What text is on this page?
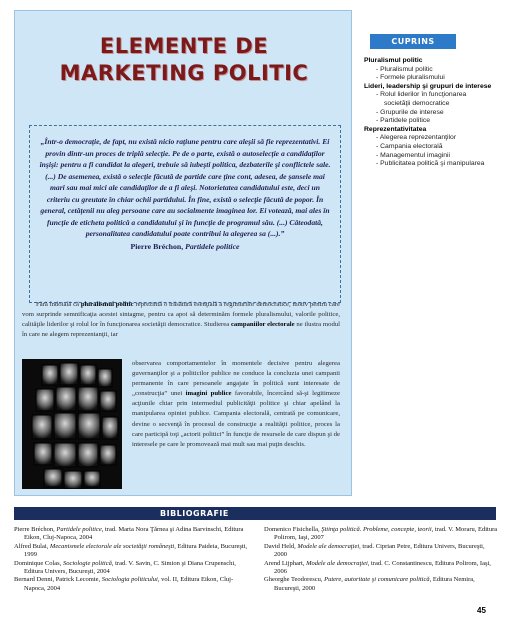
ELEMENTE DE
MARKETING POLITIC
„Într-o democraţie, de fapt, nu există nicio raţiune pentru care aleşii să fie reprezentativi. Ei provin dintr-un proces de triplă selecţie. Pe de o parte, există o autoselecţie a candidaţilor înşişi: pentru a fi candidat la alegeri, trebuie să iubeşti politica, dezbaterile şi conflictele sale. (...) De asemenea, există o selecţie făcută de partide care ţine cont, adesea, de şansele mai mari sau mai mici ale candidaţilor de a fi aleşi. Notorietatea candidatului este, deci un criteriu cu greutate în chiar ochii partidului. În fine, există o selecţie făcută de popor. În general, cetăţenii nu aleg persoane care au socialmente imaginea lor. Ei votează, mai ales în funcţie de eticheta politică a candidatului şi în funcţie de programul său. (...) Câteodată, personalitatea candidatului poate contribui la alegerea sa (...).”
Pierre Bréchon, Partidele politice

Fără îndoială că pluralismul politic reprezintă o trăsătură esenţială a regimurilor democratice, motiv pentru care vom surprinde semnificaţia acestei sintagme, pentru ca apoi să determinăm formele pluralismului, valorile politice, calităţile liderilor şi rolul lor în funcţionarea societăţii democratice. Studierea campaniilor electorale ne ilustra modul în care ne alegem reprezentanţii, iar

observarea comportamentelor în momentele decisive pentru alegerea guvernanţilor şi a politicilor publice ne conduce la concluzia unei campanii permanente în care persoanele angajate în politică sunt interesate de „construcţia” unei imagini publice favorabile, încercând să-şi legitimeze acţiunile chiar prin intermediul publicităţii politice şi chiar apelând la manipularea opiniei publice. Campania electorală, centrată pe comunicare, devine o secvenţă în procesul de construcţie a realităţii politice, proces la care participă toţi „actorii politici” în funcţie de resursele de care dispun şi de interesele pe care le promovează mai mult sau mai puţin deschis.
CUPRINS
Pluralismul politic
- Pluralismul politic
- Formele pluralismului
Lideri, leadership şi grupuri de interese
- Rolul liderilor în funcţionarea societăţii democratice
- Grupurile de interese
- Partidele politice
Reprezentativitatea
- Alegerea reprezentanţilor
- Campania electorală
- Managementul imaginii
- Publicitatea politică şi manipularea
BIBLIOGRAFIE
Pierre Bréchon, Partidele politice, trad. Marta Nora Ţărnea şi Adina Barvinschi, Editura Eikon, Cluj-Napoca, 2004
Alfred Bulai, Mecanismele electorale ale societăţii româneşti, Editura Paideia, Bucureşti, 1999
Dominique Colas, Sociologie politică, trad. V. Savin, C. Simion şi Diana Crupenschi, Editura Univers, Bucureşti, 2004
Bernard Denni, Patrick Lecomte, Sociologia politicului, vol. II, Editura Eikon, Cluj-Napoca, 2004
Domenico Fisichella, Ştiinţa politică. Probleme, concepte, teorii, trad. V. Moraru, Editura Polirom, Iaşi, 2007
David Held, Modele ale democraţiei, trad. Ciprian Petre, Editura Univers, Bucureşti, 2000
Arend Lijphart, Modele ale democraţiei, trad. C. Constantinescu, Editura Polirom, Iaşi, 2006
Gheorghe Teodorescu, Putere, autoritate şi comunicare politică, Editura Nemira, Bucureşti, 2000
45
